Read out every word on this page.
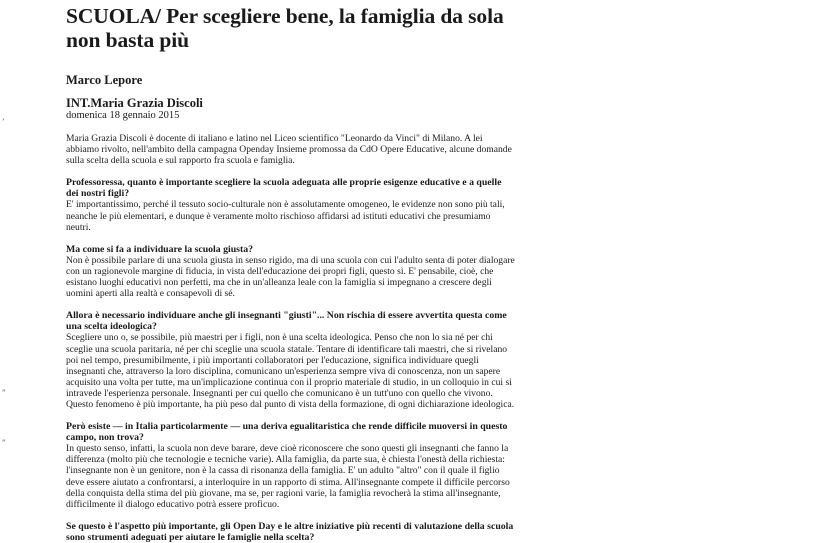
’
”
”
SCUOLA/ Per scegliere bene, la famiglia da sola non basta più
Marco Lepore
INT.Maria Grazia Discoli
domenica 18 gennaio 2015

Maria Grazia Discoli è docente di italiano e latino nel Liceo scientifico "Leonardo da Vinci" di Milano. A lei abbiamo rivolto, nell'ambito della campagna Openday Insieme promossa da CdO Opere Educative, alcune domande sulla scelta della scuola e sul rapporto fra scuola e famiglia.

Professoressa, quanto è importante scegliere la scuola adeguata alle proprie esigenze educative e a quelle dei nostri figli?

E' importantissimo, perché il tessuto socio-culturale non è assolutamente omogeneo, le evidenze non sono più tali, neanche le più elementari, e dunque è veramente molto rischioso affidarsi ad istituti educativi che presumiamo neutri.

Ma come si fa a individuare la scuola giusta?

Non è possibile parlare di una scuola giusta in senso rigido, ma di una scuola con cui l'adulto senta di poter dialogare con un ragionevole margine di fiducia, in vista dell'educazione dei propri figli, questo sì. E' pensabile, cioè, che esistano luoghi educativi non perfetti, ma che in un'alleanza leale con la famiglia si impegnano a crescere degli uomini aperti alla realtà e consapevoli di sé.

Allora è necessario individuare anche gli insegnanti "giusti"... Non rischia di essere avvertita questa come una scelta ideologica?

Scegliere uno o, se possibile, più maestri per i figli, non è una scelta ideologica. Penso che non lo sia né per chi sceglie una scuola paritaria, né per chi sceglie una scuola statale. Tentare di identificare tali maestri, che si rivelano poi nel tempo, presumibilmente, i più importanti collaboratori per l'educazione, significa individuare quegli insegnanti che, attraverso la loro disciplina, comunicano un'esperienza sempre viva di conoscenza, non un sapere acquisito una volta per tutte, ma un'implicazione continua con il proprio materiale di studio, in un colloquio in cui si intravede l'esperienza personale. Insegnanti per cui quello che comunicano è un tutt'uno con quello che vivono. Questo fenomeno è più importante, ha più peso dal punto di vista della formazione, di ogni dichiarazione ideologica.

Però esiste — in Italia particolarmente — una deriva egualitaristica che rende difficile muoversi in questo campo, non trova?

In questo senso, infatti, la scuola non deve barare, deve cioè riconoscere che sono questi gli insegnanti che fanno la differenza (molto più che tecnologie e tecniche varie). Alla famiglia, da parte sua, è chiesta l'onestà della richiesta: l'insegnante non è un genitore, non è la cassa di risonanza della famiglia. E' un adulto "altro" con il quale il figlio deve essere aiutato a confrontarsi, a interloquire in un rapporto di stima. All'insegnante compete il difficile percorso della conquista della stima del più giovane, ma se, per ragioni varie, la famiglia revocherà la stima all'insegnante, difficilmente il dialogo educativo potrà essere proficuo.

Se questo è l'aspetto più importante, gli Open Day e le altre iniziative più recenti di valutazione della scuola sono strumenti adeguati per aiutare le famiglie nella scelta?
